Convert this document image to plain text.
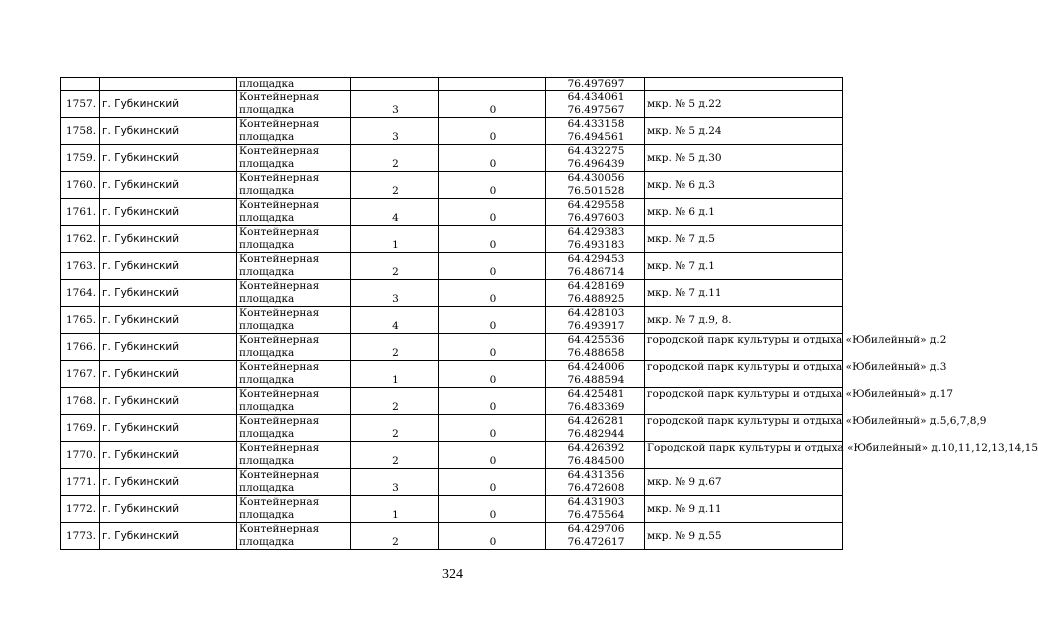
		площадка			76.497697	
1757.	г. Губкинский	Контейнерная
площадка	3	0	64.434061
76.497567	мкр. № 5 д.22
1758.	г. Губкинский	Контейнерная
площадка	3	0	64.433158
76.494561	мкр. № 5 д.24
1759.	г. Губкинский	Контейнерная
площадка	2	0	64.432275
76.496439	мкр. № 5 д.30
1760.	г. Губкинский	Контейнерная
площадка	2	0	64.430056
76.501528	мкр. № 6 д.3
1761.	г. Губкинский	Контейнерная
площадка	4	0	64.429558
76.497603	мкр. № 6 д.1
1762.	г. Губкинский	Контейнерная
площадка	1	0	64.429383
76.493183	мкр. № 7 д.5
1763.	г. Губкинский	Контейнерная
площадка	2	0	64.429453
76.486714	мкр. № 7 д.1
1764.	г. Губкинский	Контейнерная
площадка	3	0	64.428169
76.488925	мкр. № 7 д.11
1765.	г. Губкинский	Контейнерная
площадка	4	0	64.428103
76.493917	мкр. № 7 д.9, 8.
1766.	г. Губкинский	Контейнерная
площадка	2	0	64.425536
76.488658	городской парк культуры и отдыха «Юбилейный» д.2
1767.	г. Губкинский	Контейнерная
площадка	1	0	64.424006
76.488594	городской парк культуры и отдыха «Юбилейный» д.3
1768.	г. Губкинский	Контейнерная
площадка	2	0	64.425481
76.483369	городской парк культуры и отдыха «Юбилейный» д.17
1769.	г. Губкинский	Контейнерная
площадка	2	0	64.426281
76.482944	городской парк культуры и отдыха «Юбилейный» д.5,6,7,8,9
1770.	г. Губкинский	Контейнерная
площадка	2	0	64.426392
76.484500	Городской парк культуры и отдыха «Юбилейный» д.10,11,12,13,14,15
1771.	г. Губкинский	Контейнерная
площадка	3	0	64.431356
76.472608	мкр. № 9 д.67
1772.	г. Губкинский	Контейнерная
площадка	1	0	64.431903
76.475564	мкр. № 9 д.11
1773.	г. Губкинский	Контейнерная
площадка	2	0	64.429706
76.472617	мкр. № 9 д.55
324
